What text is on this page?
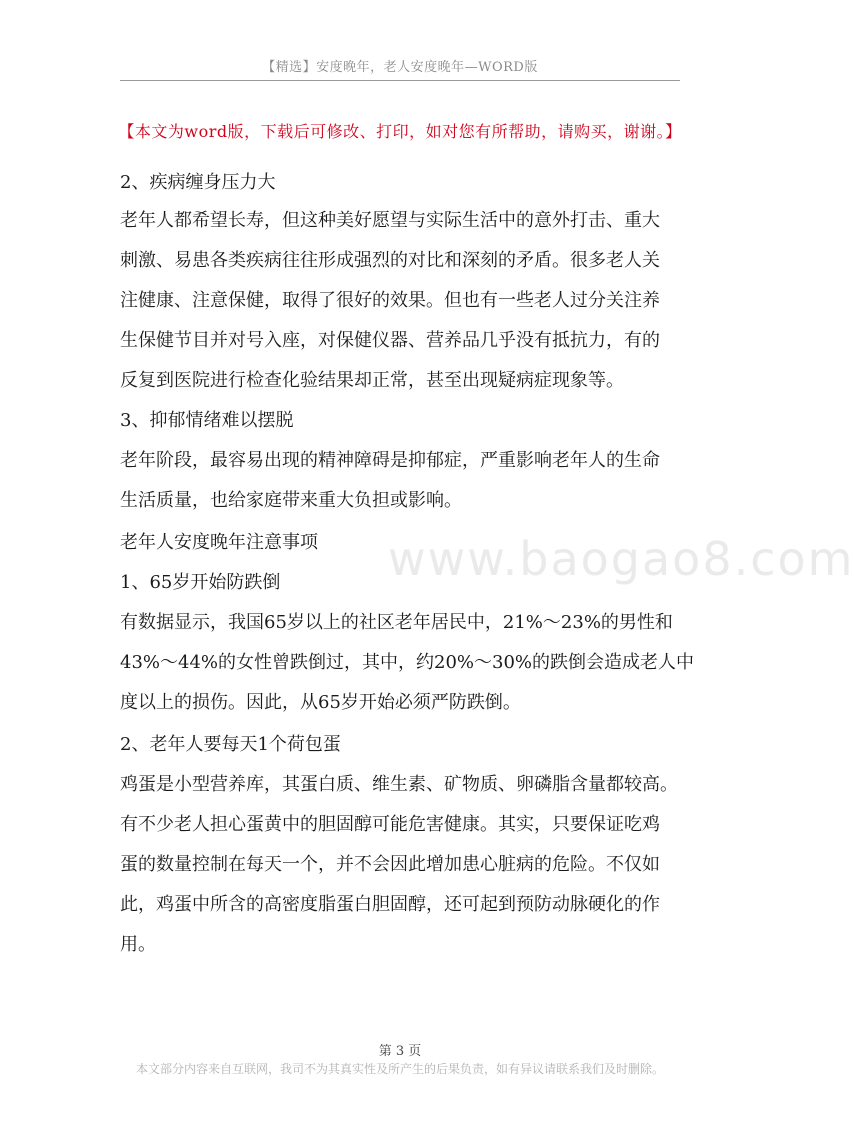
【精选】安度晚年，老人安度晚年—WORD版
【本文为word版，下载后可修改、打印，如对您有所帮助，请购买，谢谢。】
www.baogao8.com
2、疾病缠身压力大
老年人都希望长寿，但这种美好愿望与实际生活中的意外打击、重大
刺激、易患各类疾病往往形成强烈的对比和深刻的矛盾。很多老人关
注健康、注意保健，取得了很好的效果。但也有一些老人过分关注养
生保健节目并对号入座，对保健仪器、营养品几乎没有抵抗力，有的
反复到医院进行检查化验结果却正常，甚至出现疑病症现象等。
3、抑郁情绪难以摆脱
老年阶段，最容易出现的精神障碍是抑郁症，严重影响老年人的生命
生活质量，也给家庭带来重大负担或影响。
老年人安度晚年注意事项
1、65岁开始防跌倒
有数据显示，我国65岁以上的社区老年居民中，21%～23%的男性和
43%～44%的女性曾跌倒过，其中，约20%～30%的跌倒会造成老人中
度以上的损伤。因此，从65岁开始必须严防跌倒。
2、老年人要每天1个荷包蛋
鸡蛋是小型营养库，其蛋白质、维生素、矿物质、卵磷脂含量都较高。
有不少老人担心蛋黄中的胆固醇可能危害健康。其实，只要保证吃鸡
蛋的数量控制在每天一个，并不会因此增加患心脏病的危险。不仅如
此，鸡蛋中所含的高密度脂蛋白胆固醇，还可起到预防动脉硬化的作
用。
第 3 页
本文部分内容来自互联网，我司不为其真实性及所产生的后果负责，如有异议请联系我们及时删除。
